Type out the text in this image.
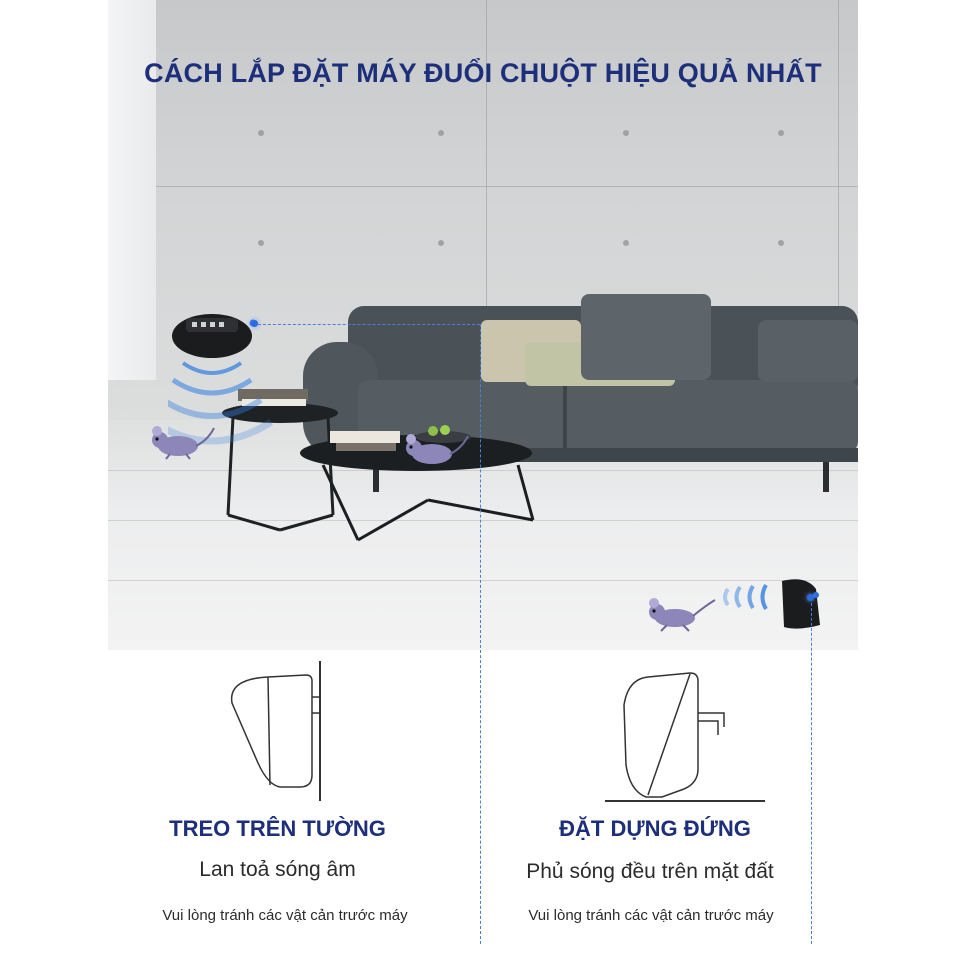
CÁCH LẮP ĐẶT MÁY ĐUỔI CHUỘT HIỆU QUẢ NHẤT
TREO TRÊN TƯỜNG
Lan toả sóng âm
Vui lòng tránh các vật cản trước máy
ĐẶT DỰNG ĐỨNG
Phủ sóng đều trên mặt đất
Vui lòng tránh các vật cản trước máy
